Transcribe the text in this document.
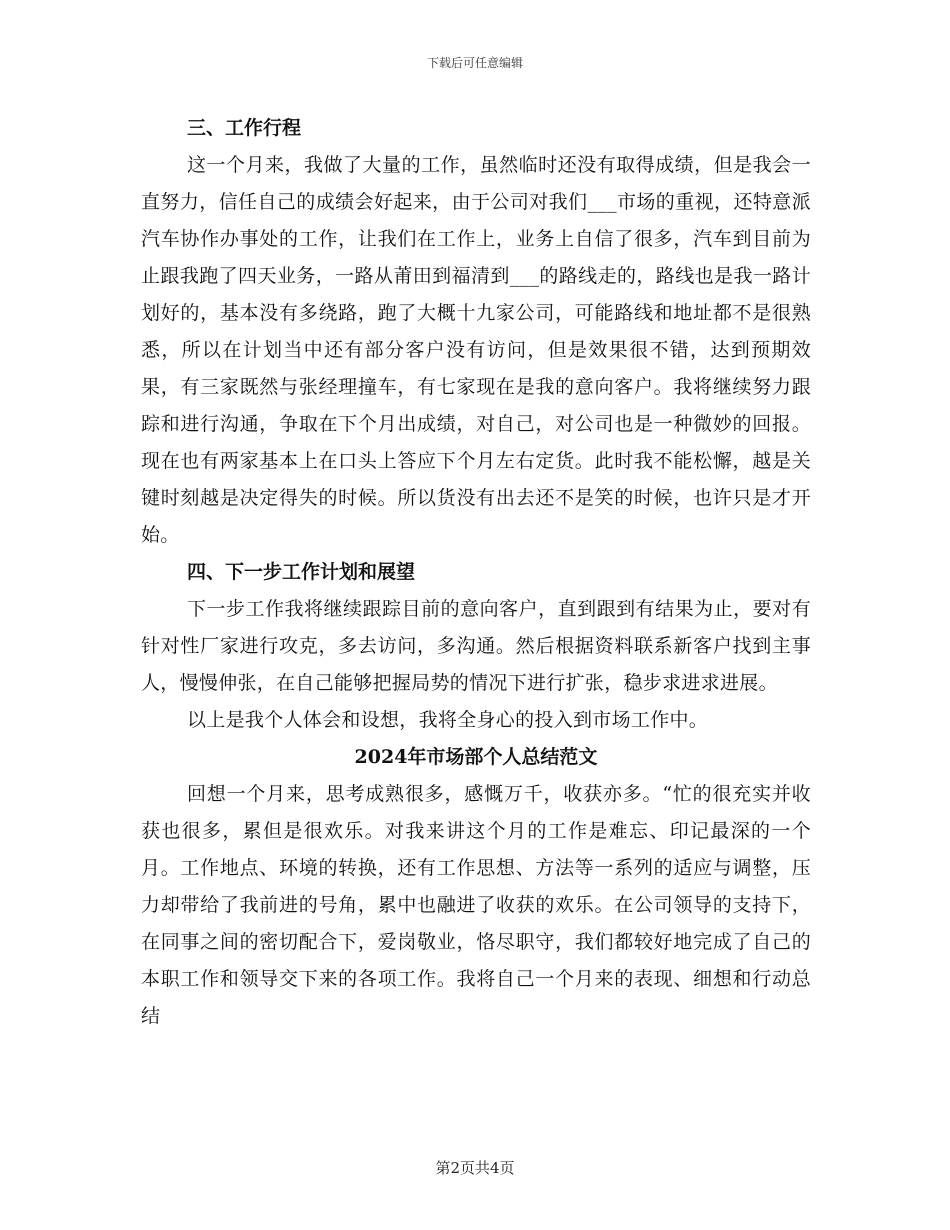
下载后可任意编辑

三、工作行程

这一个月来，我做了大量的工作，虽然临时还没有取得成绩，但是我会一直努力，信任自己的成绩会好起来，由于公司对我们___市场的重视，还特意派汽车协作办事处的工作，让我们在工作上，业务上自信了很多，汽车到目前为止跟我跑了四天业务，一路从莆田到福清到___的路线走的，路线也是我一路计划好的，基本没有多绕路，跑了大概十九家公司，可能路线和地址都不是很熟悉，所以在计划当中还有部分客户没有访问，但是效果很不错，达到预期效果，有三家既然与张经理撞车，有七家现在是我的意向客户。我将继续努力跟踪和进行沟通，争取在下个月出成绩，对自己，对公司也是一种微妙的回报。现在也有两家基本上在口头上答应下个月左右定货。此时我不能松懈，越是关键时刻越是决定得失的时候。所以货没有出去还不是笑的时候，也许只是才开始。

四、下一步工作计划和展望

下一步工作我将继续跟踪目前的意向客户，直到跟到有结果为止，要对有针对性厂家进行攻克，多去访问，多沟通。然后根据资料联系新客户找到主事人，慢慢伸张，在自己能够把握局势的情况下进行扩张，稳步求进求进展。

以上是我个人体会和设想，我将全身心的投入到市场工作中。

2024年市场部个人总结范文

回想一个月来，思考成熟很多，感慨万千，收获亦多。“忙的很充实并收获也很多，累但是很欢乐。对我来讲这个月的工作是难忘、印记最深的一个月。工作地点、环境的转换，还有工作思想、方法等一系列的适应与调整，压力却带给了我前进的号角，累中也融进了收获的欢乐。在公司领导的支持下，在同事之间的密切配合下，爱岗敬业，恪尽职守，我们都较好地完成了自己的本职工作和领导交下来的各项工作。我将自己一个月来的表现、细想和行动总结

第2页共4页
